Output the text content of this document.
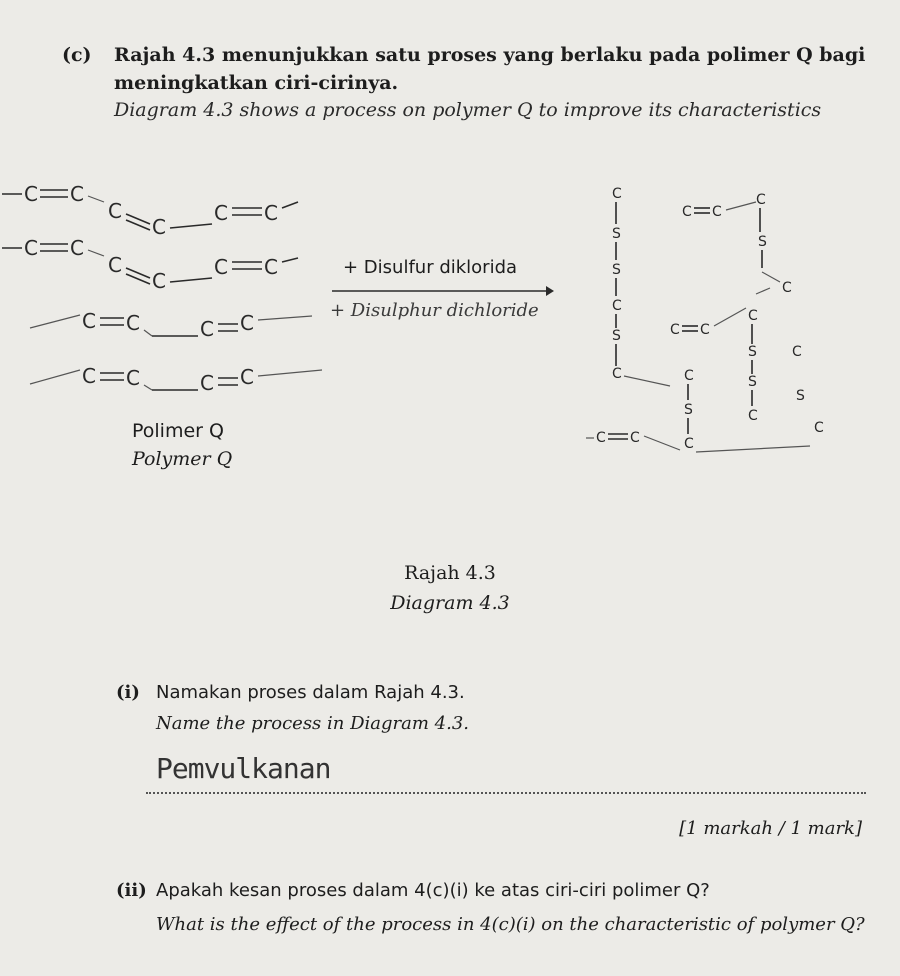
(c) Rajah 4.3 menunjukkan satu proses yang berlaku pada polimer Q bagi
meningkatkan ciri-cirinya.
Diagram 4.3 shows a process on polymer Q to improve its characteristics
C C
C
C
C C
C C
C
C
C C
C C	C C
C C	C C
+ Disulfur diklorida
+ Disulphur dichloride
Polimer Q
Polymer Q
C
S
S
C
S
C
C C
C
S
C
C C
C
S
S
C
C
S
C
S
C
C C
C
Rajah 4.3
Diagram 4.3
(i) Namakan proses dalam Rajah 4.3.
Name the process in Diagram 4.3.
Pemvulkanan
[1 markah / 1 mark]
(ii) Apakah kesan proses dalam 4(c)(i) ke atas ciri-ciri polimer Q?
What is the effect of the process in 4(c)(i) on the characteristic of polymer Q?
